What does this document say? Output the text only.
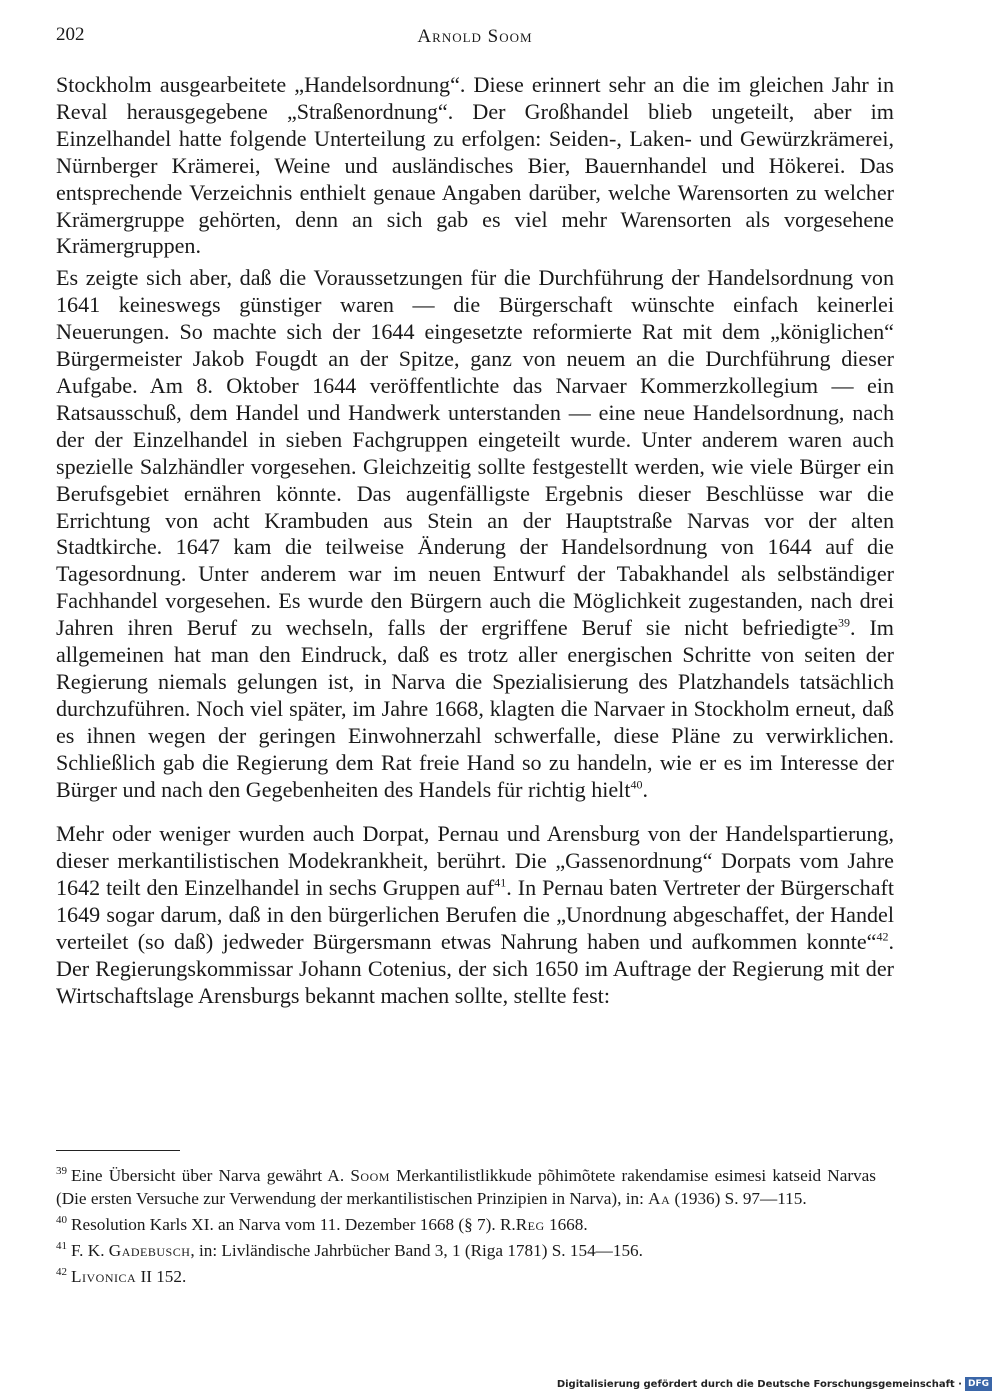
202	Arnold Soom

Stockholm ausgearbeitete „Handelsordnung“. Diese erinnert sehr an die im gleichen Jahr in Reval herausgegebene „Straßenordnung“. Der Großhandel blieb ungeteilt, aber im Einzelhandel hatte folgende Unterteilung zu erfolgen: Seiden-, Laken- und Gewürzkrämerei, Nürnberger Krämerei, Weine und ausländisches Bier, Bauernhandel und Hökerei. Das entsprechende Verzeichnis enthielt genaue Angaben darüber, welche Warensorten zu welcher Krämergruppe gehörten, denn an sich gab es viel mehr Warensorten als vorgesehene Krämergruppen.

Es zeigte sich aber, daß die Voraussetzungen für die Durchführung der Handelsordnung von 1641 keineswegs günstiger waren — die Bürgerschaft wünschte einfach keinerlei Neuerungen. So machte sich der 1644 eingesetzte reformierte Rat mit dem „königlichen“ Bürgermeister Jakob Fougdt an der Spitze, ganz von neuem an die Durchführung dieser Aufgabe. Am 8. Oktober 1644 veröffentlichte das Narvaer Kommerzkollegium — ein Ratsausschuß, dem Handel und Handwerk unterstanden — eine neue Handelsordnung, nach der der Einzelhandel in sieben Fachgruppen eingeteilt wurde. Unter anderem waren auch spezielle Salzhändler vorgesehen. Gleichzeitig sollte festgestellt werden, wie viele Bürger ein Berufsgebiet ernähren könnte. Das augenfälligste Ergebnis dieser Beschlüsse war die Errichtung von acht Krambuden aus Stein an der Hauptstraße Narvas vor der alten Stadtkirche. 1647 kam die teilweise Änderung der Handelsordnung von 1644 auf die Tagesordnung. Unter anderem war im neuen Entwurf der Tabakhandel als selbständiger Fachhandel vorgesehen. Es wurde den Bürgern auch die Möglichkeit zugestanden, nach drei Jahren ihren Beruf zu wechseln, falls der ergriffene Beruf sie nicht befriedigte$^{39}$. Im allgemeinen hat man den Eindruck, daß es trotz aller energischen Schritte von seiten der Regierung niemals gelungen ist, in Narva die Spezialisierung des Platzhandels tatsächlich durchzuführen. Noch viel später, im Jahre 1668, klagten die Narvaer in Stockholm erneut, daß es ihnen wegen der geringen Einwohnerzahl schwerfalle, diese Pläne zu verwirklichen. Schließlich gab die Regierung dem Rat freie Hand so zu handeln, wie er es im Interesse der Bürger und nach den Gegebenheiten des Handels für richtig hielt$^{40}$.

Mehr oder weniger wurden auch Dorpat, Pernau und Arensburg von der Handelspartierung, dieser merkantilistischen Modekrankheit, berührt. Die „Gassenordnung“ Dorpats vom Jahre 1642 teilt den Einzelhandel in sechs Gruppen auf$^{41}$. In Pernau baten Vertreter der Bürgerschaft 1649 sogar darum, daß in den bürgerlichen Berufen die „Unordnung abgeschaffet, der Handel verteilet (so daß) jedweder Bürgersmann etwas Nahrung haben und aufkommen konnte“$^{42}$. Der Regierungskommissar Johann Cotenius, der sich 1650 im Auftrage der Regierung mit der Wirtschaftslage Arensburgs bekannt machen sollte, stellte fest:

$^{39}$ Eine Übersicht über Narva gewährt A. Soom Merkantilistlikkude põhimõtete rakendamise esimesi katseid Narvas (Die ersten Versuche zur Verwendung der merkantilistischen Prinzipien in Narva), in: Aa (1936) S. 97—115.

$^{40}$ Resolution Karls XI. an Narva vom 11. Dezember 1668 (§ 7). R.Reg 1668.

$^{41}$ F. K. Gadebusch, in: Livländische Jahrbücher Band 3, 1 (Riga 1781) S. 154—156.

$^{42}$ Livonica II 152.

Digitalisierung gefördert durch die Deutsche Forschungsgemeinschaft · DFG
